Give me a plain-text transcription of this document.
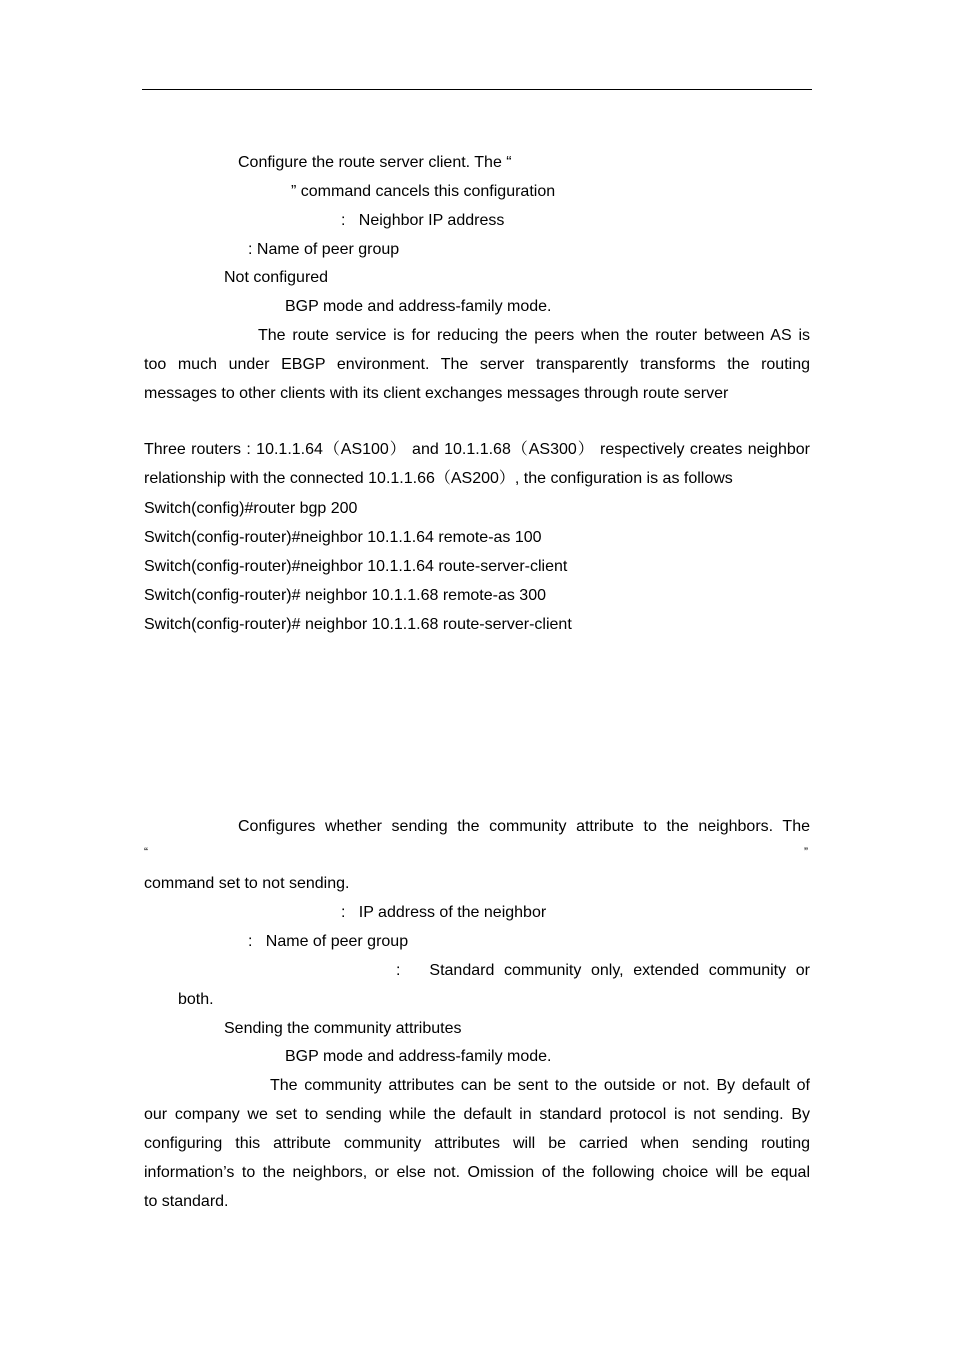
Configure the route server client. The “
” command cancels this configuration
:   Neighbor IP address
: Name of peer group
Not configured
BGP mode and address-family mode.
The route service is for reducing the peers when the router between AS is
too much under EBGP environment. The server transparently transforms the routing
messages to other clients with its client exchanges messages through route server
Three routers : 10.1.1.64（AS100） and 10.1.1.68（AS300） respectively creates neighbor
relationship with the connected 10.1.1.66（AS200）, the configuration is as follows
Switch(config)#router bgp 200
Switch(config-router)#neighbor 10.1.1.64 remote-as 100
Switch(config-router)#neighbor 10.1.1.64 route-server-client
Switch(config-router)# neighbor 10.1.1.68 remote-as 300
Switch(config-router)# neighbor 10.1.1.68 route-server-client
Configures whether sending the community attribute to the neighbors. The
“	”
command set to not sending.
:   IP address of the neighbor
:   Name of peer group
:   Standard community only, extended community or
both.
Sending the community attributes
BGP mode and address-family mode.
The community attributes can be sent to the outside or not. By default of
our company we set to sending while the default in standard protocol is not sending. By
configuring this attribute community attributes will be carried when sending routing
information’s to the neighbors, or else not. Omission of the following choice will be equal
to standard.
